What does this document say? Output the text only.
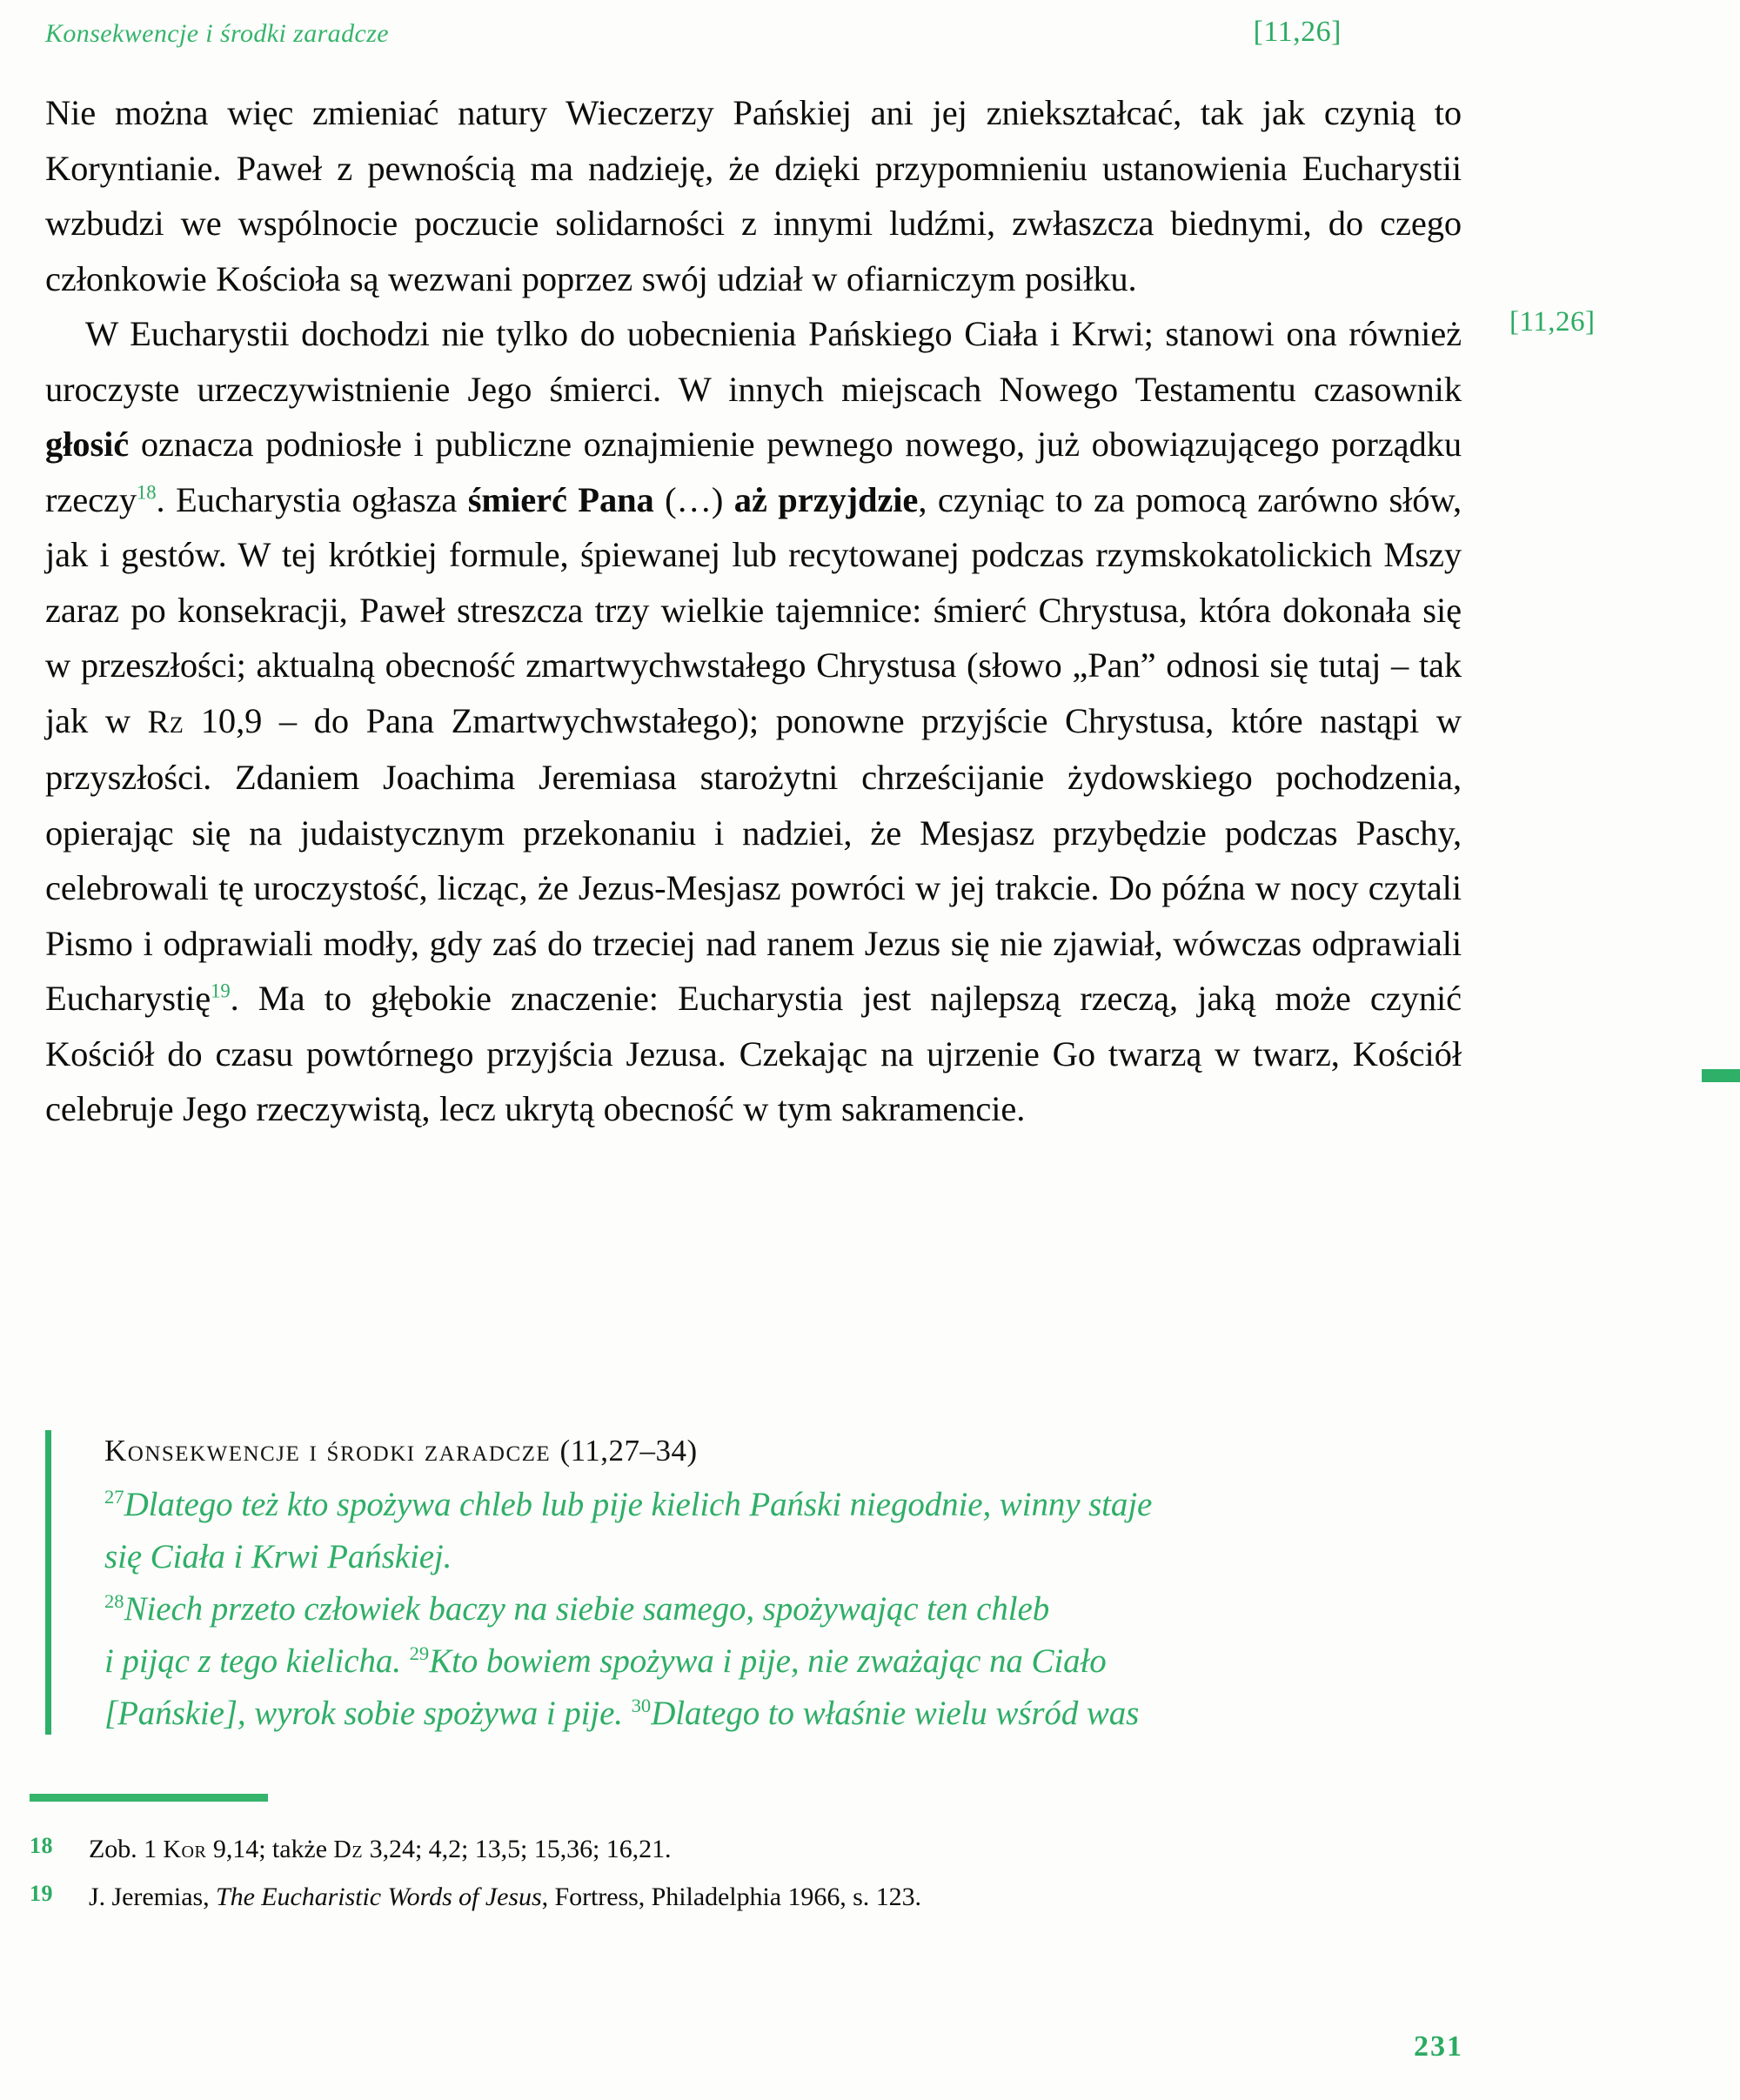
Konsekwencje i środki zaradcze	[11,26]
[11,26]

Nie można więc zmieniać natury Wieczerzy Pańskiej ani jej zniekształcać, tak jak czynią to Koryntianie. Paweł z pewnością ma nadzieję, że dzięki przypomnieniu ustanowienia Eucharystii wzbudzi we wspólnocie poczucie solidarności z innymi ludźmi, zwłaszcza biednymi, do czego członkowie Kościoła są wezwani poprzez swój udział w ofiarniczym posiłku.

W Eucharystii dochodzi nie tylko do uobecnienia Pańskiego Ciała i Krwi; stanowi ona również uroczyste urzeczywistnienie Jego śmierci. W innych miejscach Nowego Testamentu czasownik głosić oznacza podniosłe i publiczne oznajmienie pewnego nowego, już obowiązującego porządku rzeczy$^{18}$. Eucharystia ogłasza śmierć Pana (…) aż przyjdzie, czyniąc to za pomocą zarówno słów, jak i gestów. W tej krótkiej formule, śpiewanej lub recytowanej podczas rzymskokatolickich Mszy zaraz po konsekracji, Paweł streszcza trzy wielkie tajemnice: śmierć Chrystusa, która dokonała się w przeszłości; aktualną obecność zmartwychwstałego Chrystusa (słowo „Pan” odnosi się tutaj – tak jak w Rz 10,9 – do Pana Zmartwychwstałego); ponowne przyjście Chrystusa, które nastąpi w przyszłości. Zdaniem Joachima Jeremiasa starożytni chrześcijanie żydowskiego pochodzenia, opierając się na judaistycznym przekonaniu i nadziei, że Mesjasz przybędzie podczas Paschy, celebrowali tę uroczystość, licząc, że Jezus-Mesjasz powróci w jej trakcie. Do późna w nocy czytali Pismo i odprawiali modły, gdy zaś do trzeciej nad ranem Jezus się nie zjawiał, wówczas odprawiali Eucharystię$^{19}$. Ma to głębokie znaczenie: Eucharystia jest najlepszą rzeczą, jaką może czynić Kościół do czasu powtórnego przyjścia Jezusa. Czekając na ujrzenie Go twarzą w twarz, Kościół celebruje Jego rzeczywistą, lecz ukrytą obecność w tym sakramencie.

Konsekwencje i środki zaradcze (11,27–34)

$^{27}$Dlatego też kto spożywa chleb lub pije kielich Pański niegodnie, winny staje

się Ciała i Krwi Pańskiej.

$^{28}$Niech przeto człowiek baczy na siebie samego, spożywając ten chleb

i pijąc z tego kielicha. $^{29}$Kto bowiem spożywa i pije, nie zważając na Ciało

[Pańskie], wyrok sobie spożywa i pije. $^{30}$Dlatego to właśnie wielu wśród was

18 Zob. 1 Kor 9,14; także Dz 3,24; 4,2; 13,5; 15,36; 16,21.
19 J. Jeremias, The Eucharistic Words of Jesus, Fortress, Philadelphia 1966, s. 123.
231
